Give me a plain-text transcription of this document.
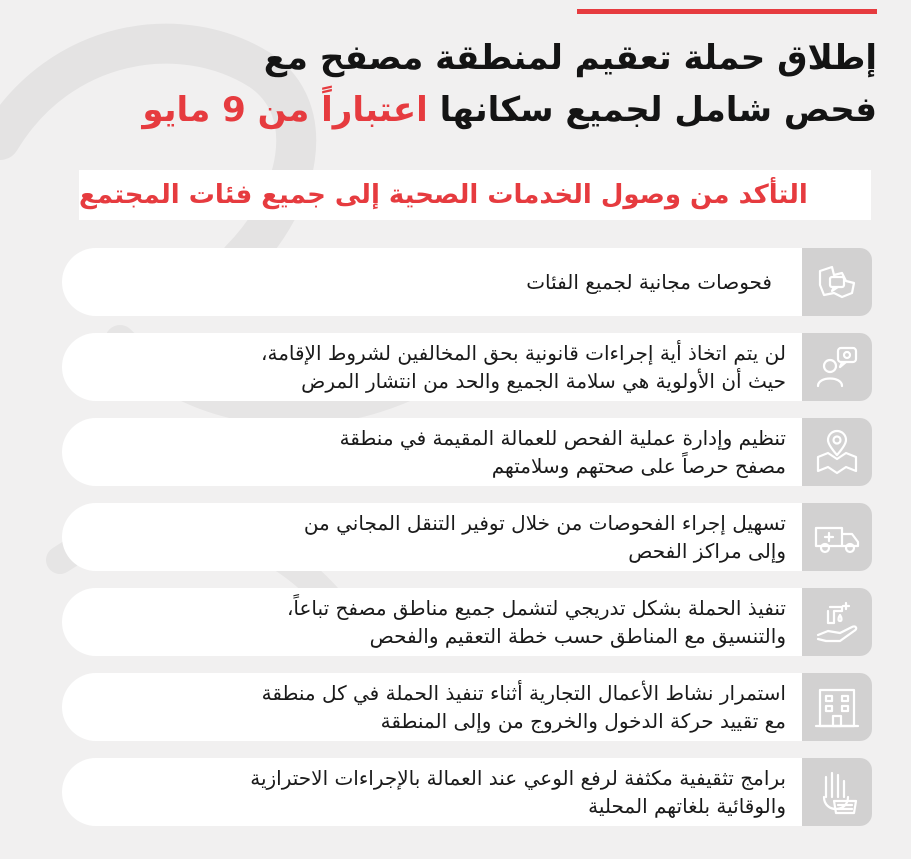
إطلاق حملة تعقيم لمنطقة مصفح مع
فحص شامل لجميع سكانها اعتباراً من 9 مايو
التأكد من وصول الخدمات الصحية إلى جميع فئات المجتمع
فحوصات مجانية لجميع الفئات
لن يتم اتخاذ أية إجراءات قانونية بحق المخالفين لشروط الإقامة،
حيث أن الأولوية هي سلامة الجميع والحد من انتشار المرض
تنظيم وإدارة عملية الفحص للعمالة المقيمة في منطقة
مصفح حرصاً على صحتهم وسلامتهم
تسهيل إجراء الفحوصات من خلال توفير التنقل المجاني من
وإلى مراكز الفحص
تنفيذ الحملة بشكل تدريجي لتشمل جميع مناطق مصفح تباعاً،
والتنسيق مع المناطق حسب خطة التعقيم والفحص
استمرار نشاط الأعمال التجارية أثناء تنفيذ الحملة في كل منطقة
مع تقييد حركة الدخول والخروج من وإلى المنطقة
برامج تثقيفية مكثفة لرفع الوعي عند العمالة بالإجراءات الاحترازية
والوقائية بلغاتهم المحلية
